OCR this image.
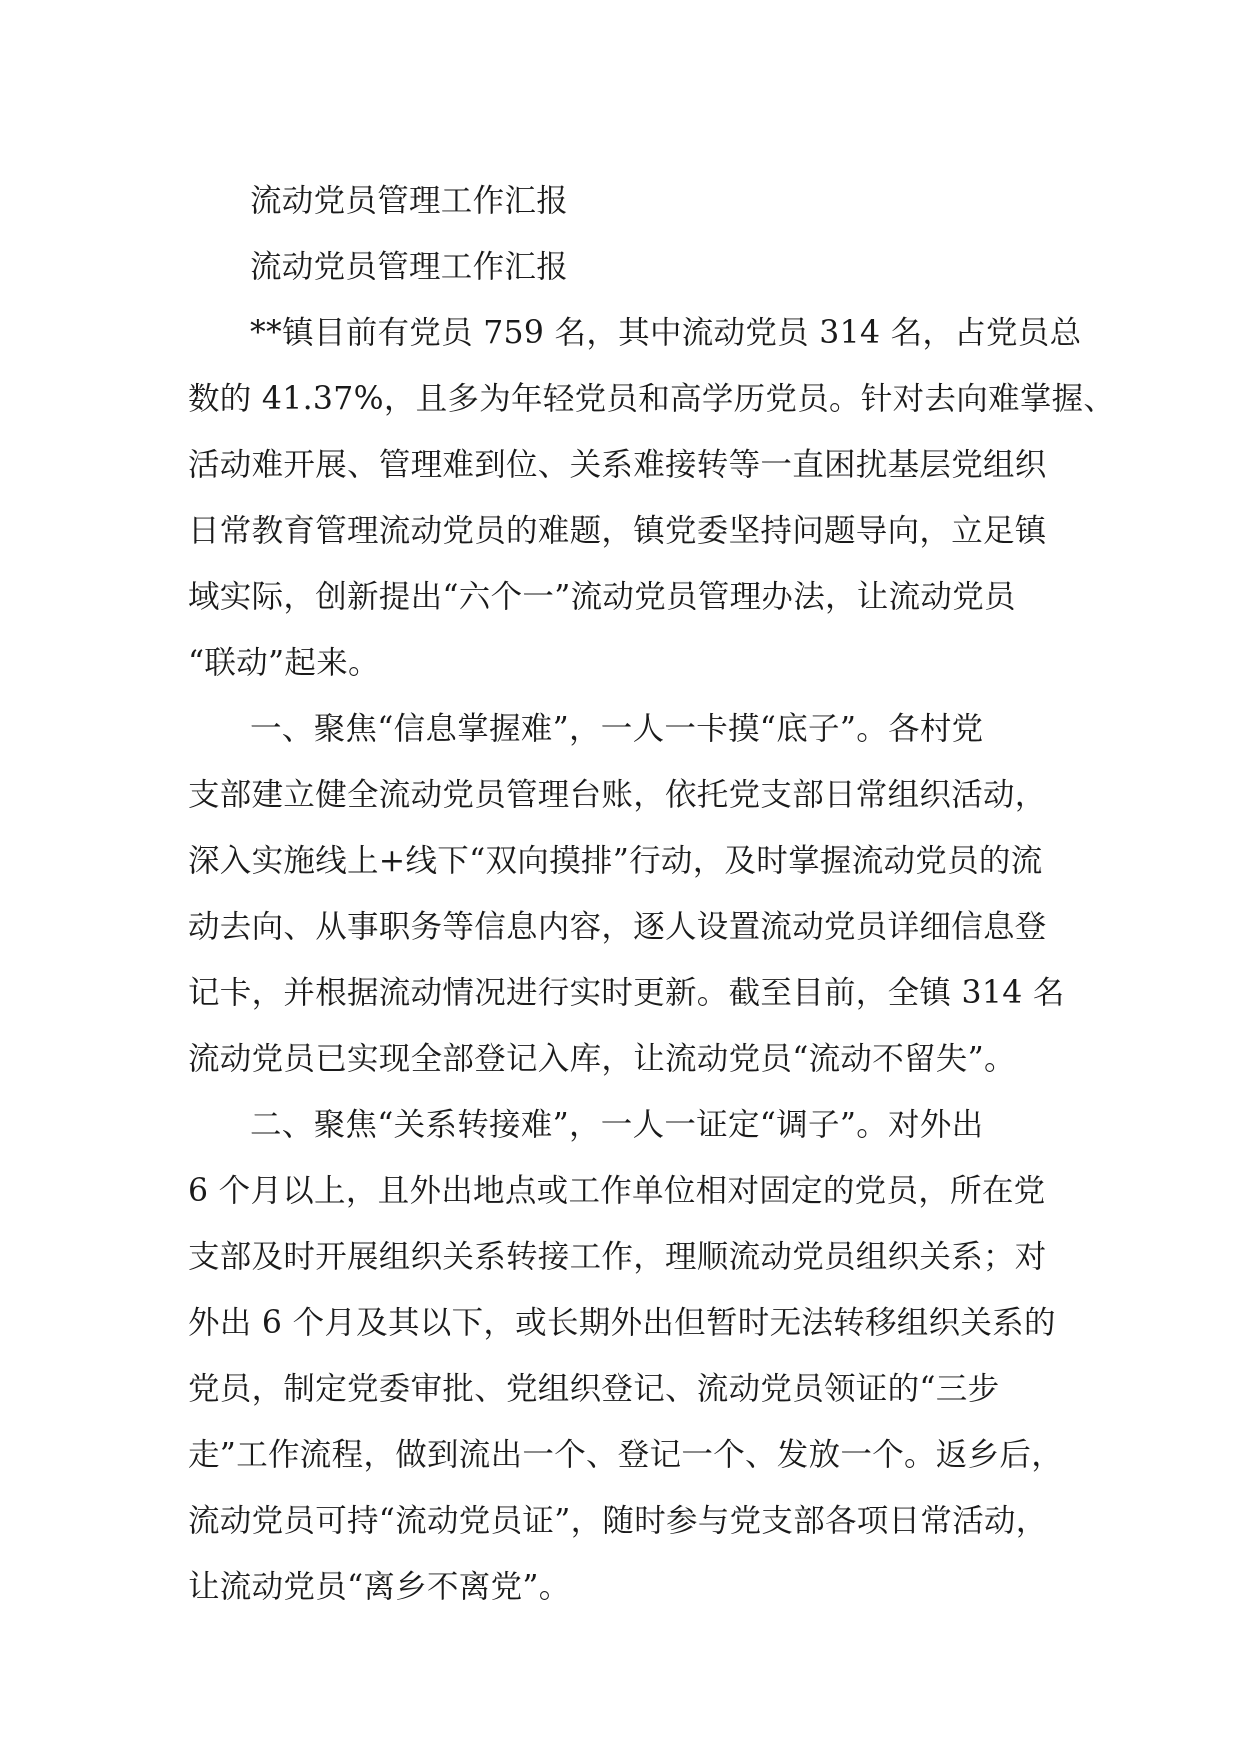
流动党员管理工作汇报
流动党员管理工作汇报
**镇目前有党员 759 名，其中流动党员 314 名，占党员总
数的 41.37%，且多为年轻党员和高学历党员。针对去向难掌握、
活动难开展、管理难到位、关系难接转等一直困扰基层党组织
日常教育管理流动党员的难题，镇党委坚持问题导向，立足镇
域实际，创新提出“六个一”流动党员管理办法，让流动党员
“联动”起来。
一、聚焦“信息掌握难”，一人一卡摸“底子”。各村党
支部建立健全流动党员管理台账，依托党支部日常组织活动，
深入实施线上+线下“双向摸排”行动，及时掌握流动党员的流
动去向、从事职务等信息内容，逐人设置流动党员详细信息登
记卡，并根据流动情况进行实时更新。截至目前，全镇 314 名
流动党员已实现全部登记入库，让流动党员“流动不留失”。
二、聚焦“关系转接难”，一人一证定“调子”。对外出
6 个月以上，且外出地点或工作单位相对固定的党员，所在党
支部及时开展组织关系转接工作，理顺流动党员组织关系；对
外出 6 个月及其以下，或长期外出但暂时无法转移组织关系的
党员，制定党委审批、党组织登记、流动党员领证的“三步
走”工作流程，做到流出一个、登记一个、发放一个。返乡后，
流动党员可持“流动党员证”，随时参与党支部各项日常活动，
让流动党员“离乡不离党”。
